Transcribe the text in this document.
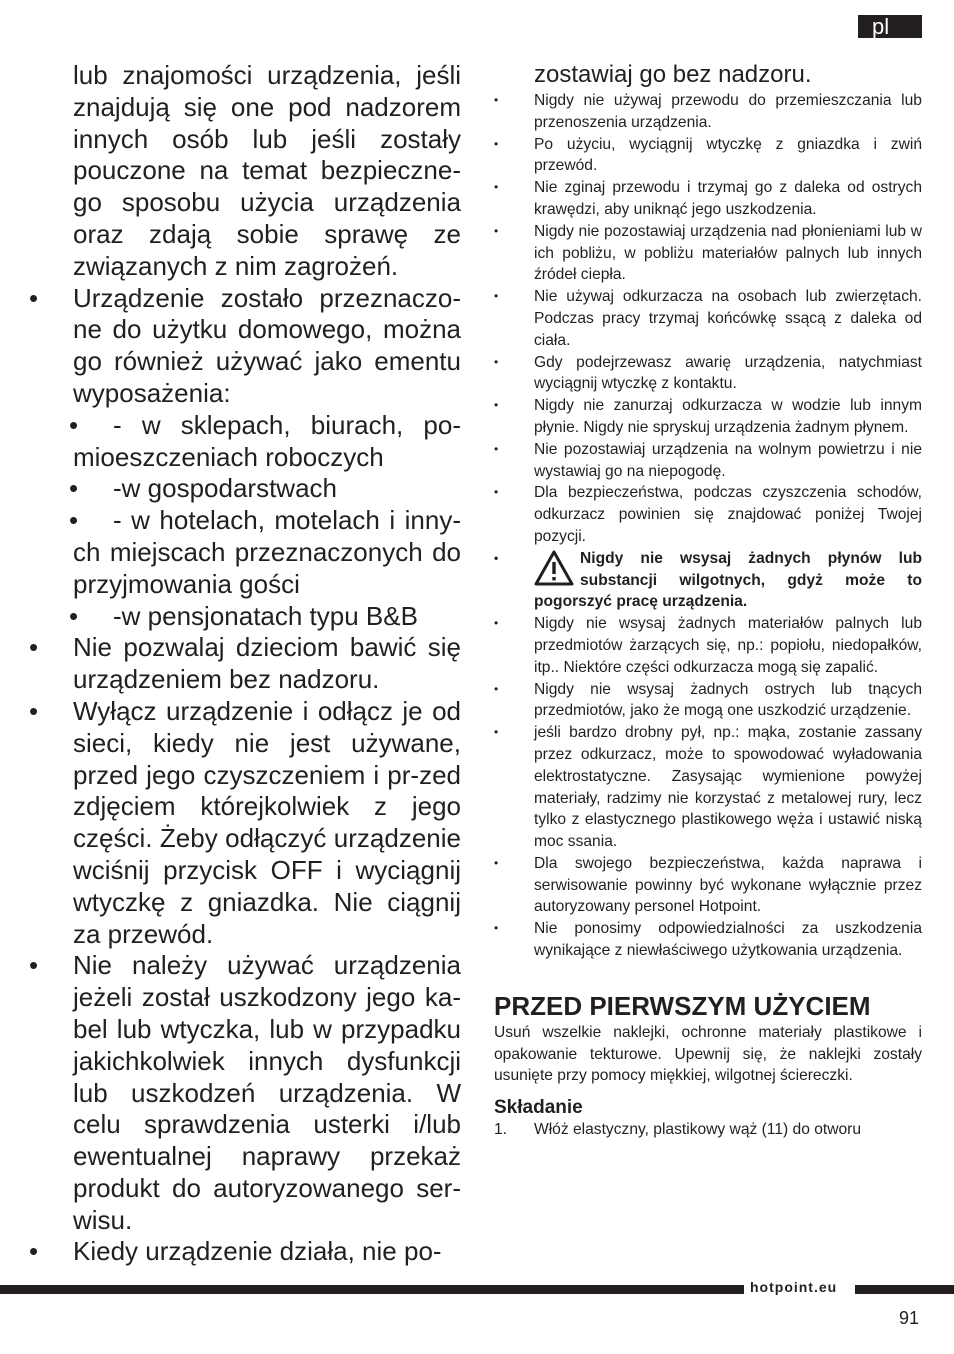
pl

lub znajomości urządzenia, jeśli znajdują się one pod nadzorem innych osób lub jeśli zostały pouczone na temat bezpieczne-go sposobu użycia urządzenia oraz zdają sobie sprawę ze związanych z nim zagrożeń.

• Urządzenie zostało przeznaczo-ne do użytku domowego, można go również używać jako ementu wyposażenia:
• - w sklepach, biurach, po-mioeszczeniach roboczych
• -w gospodarstwach
• - w hotelach, motelach i inny-ch miejscach przeznaczonych do przyjmowania gości
• -w pensjonatach typu B&B
• Nie pozwalaj dzieciom bawić się urządzeniem bez nadzoru.
• Wyłącz urządzenie i odłącz je od sieci, kiedy nie jest używane, przed jego czyszczeniem i pr-zed zdjęciem którejkolwiek z jego części. Żeby odłączyć urządzenie wciśnij przycisk OFF i wyciągnij wtyczkę z gniazdka. Nie ciągnij za przewód.
• Nie należy używać urządzenia jeżeli został uszkodzony jego ka-bel lub wtyczka, lub w przypadku jakichkolwiek innych dysfunkcji lub uszkodzeń urządzenia. W celu sprawdzenia usterki i/lub ewentualnej naprawy przekaż produkt do autoryzowanego ser-wisu.
• Kiedy urządzenie działa, nie po-

zostawiaj go bez nadzoru.

• Nigdy nie używaj przewodu do przemieszczania lub przenoszenia urządzenia.
• Po użyciu, wyciągnij wtyczkę z gniazdka i zwiń przewód.
• Nie zginaj przewodu i trzymaj go z daleka od ostrych krawędzi, aby uniknąć jego uszkodzenia.
• Nigdy nie pozostawiaj urządzenia nad płonieniami lub w ich pobliżu, w pobliżu materiałów palnych lub innych źródeł ciepła.
• Nie używaj odkurzacza na osobach lub zwierzętach. Podczas pracy trzymaj końcówkę ssącą z daleka od ciała.
• Gdy podejrzewasz awarię urządzenia, natychmiast wyciągnij wtyczkę z kontaktu.
• Nigdy nie zanurzaj odkurzacza w wodzie lub innym płynie. Nigdy nie spryskuj urządzenia żadnym płynem.
• Nie pozostawiaj urządzenia na wolnym powietrzu i nie wystawiaj go na niepogodę.
• Dla bezpieczeństwa, podczas czyszczenia schodów, odkurzacz powinien się znajdować poniżej Twojej pozycji.
• Nigdy nie wsysaj żadnych płynów lub substancji wilgotnych, gdyż może to pogorszyć pracę urządzenia.
• Nigdy nie wsysaj żadnych materiałów palnych lub przedmiotów żarzących się, np.: popiołu, niedopałków, itp.. Niektóre części odkurzacza mogą się zapalić.
• Nigdy nie wsysaj żadnych ostrych lub tnących przedmiotów, jako że mogą one uszkodzić urządzenie.
• jeśli bardzo drobny pył, np.: mąka, zostanie zassany przez odkurzacz, może to spowodować wyładowania elektrostatyczne. Zasysając wymienione powyżej materiały, radzimy nie korzystać z metalowej rury, lecz tylko z elastycznego plastikowego węża i ustawić niską moc ssania.
• Dla swojego bezpieczeństwa, każda naprawa i serwisowanie powinny być wykonane wyłącznie przez autoryzowany personel Hotpoint.
• Nie ponosimy odpowiedzialności za uszkodzenia wynikające z niewłaściwego użytkowania urządzenia.
PRZED PIERWSZYM UŻYCIEM

Usuń wszelkie naklejki, ochronne materiały plastikowe i opakowanie tekturowe. Upewnij się, że naklejki zostały usunięte przy pomocy miękkiej, wilgotnej ściereczki.

Składanie
1. Włóż elastyczny, plastikowy wąż (11) do otworu
hotpoint.eu
91
